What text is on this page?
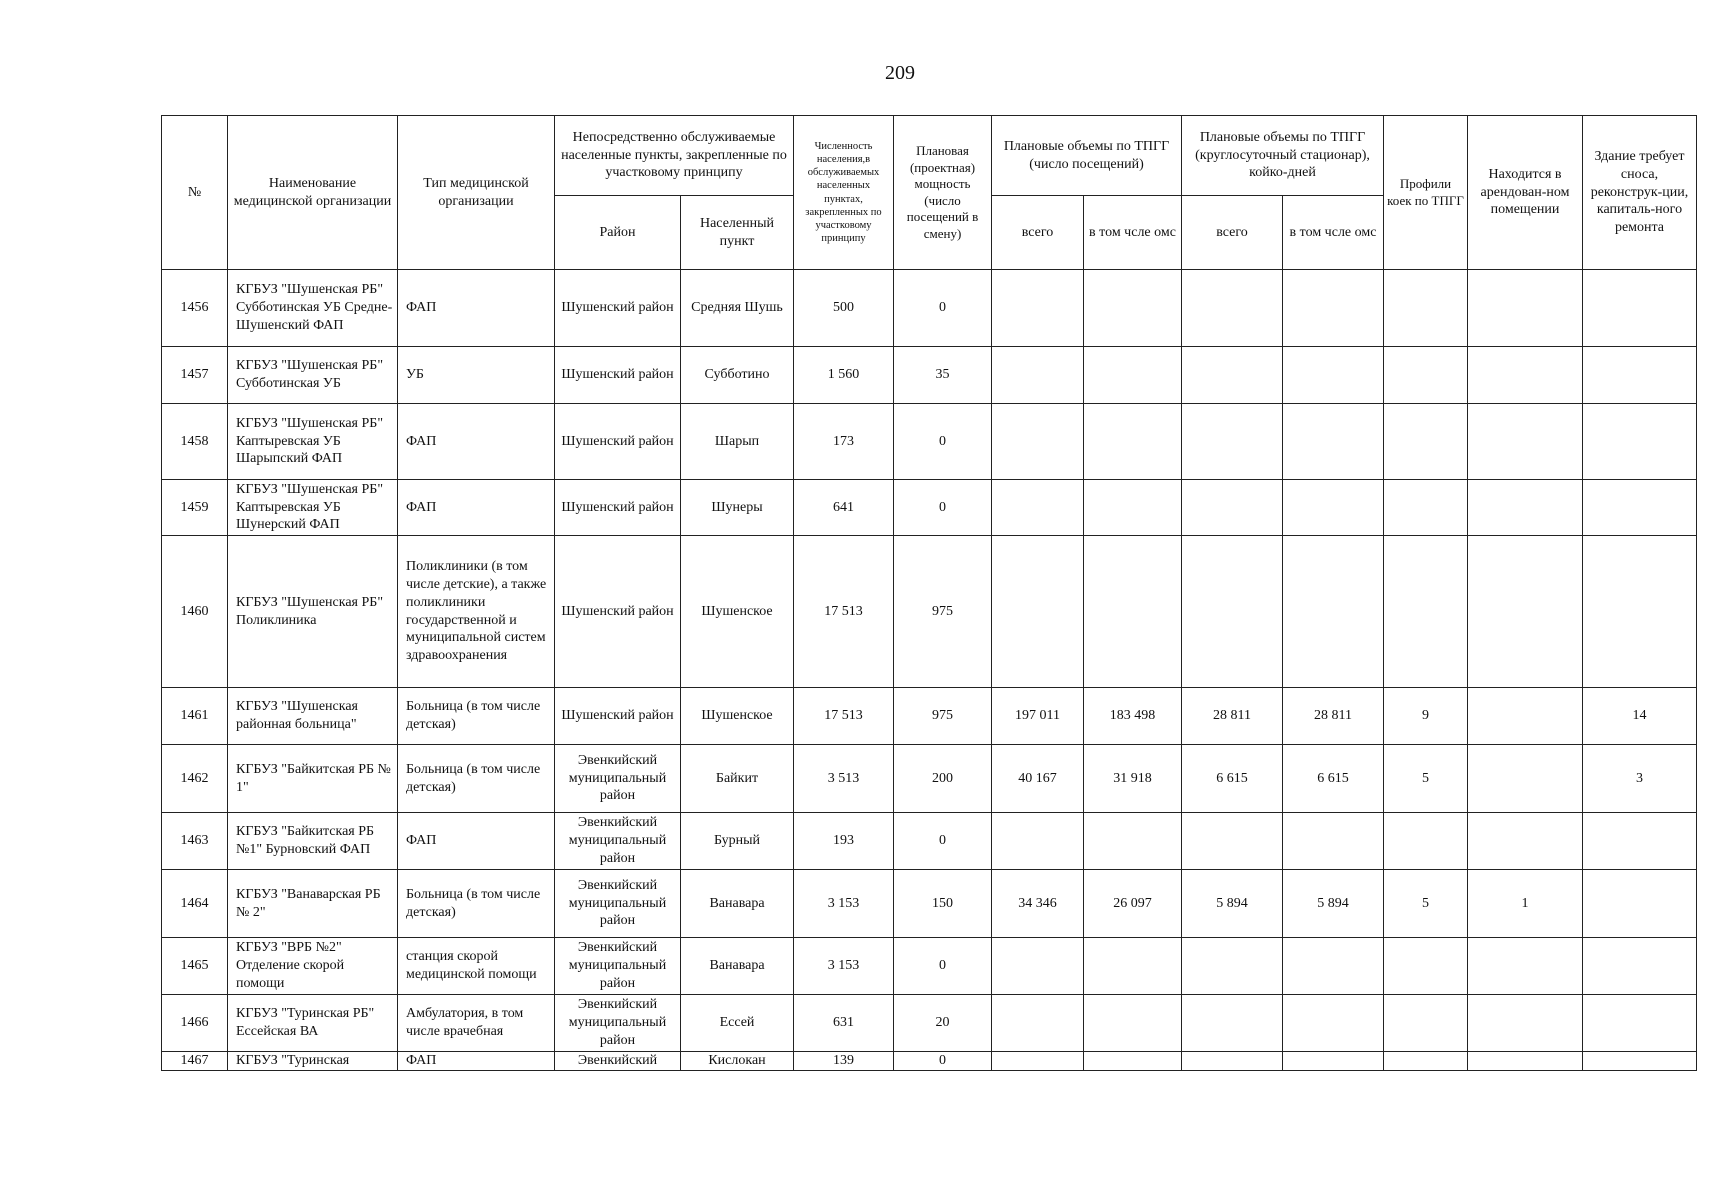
209
№	Наименование медицинской организации	Тип медицинской организации	Непосредственно обслуживаемые населенные пункты, закрепленные по участковому принципу		Численность населения,в обслуживаемых населенных пунктах, закрепленных по участковому принципу	Плановая (проектная) мощность (число посещений в смену)	Плановые объемы по ТПГГ (число посещений)		Плановые объемы по ТПГГ (круглосуточный стационар), койко-дней		Профили коек по ТПГГ	Находится в арендован-ном помещении	Здание требует сноса, реконструк-ции, капиталь-ного ремонта
			Район	Населенный пункт			всего	в том чсле омс	всего	в том чсле омс			
1456	КГБУЗ "Шушенская РБ" Субботинская УБ Средне-Шушенский ФАП	ФАП	Шушенский район	Средняя Шушь	500	0							
1457	КГБУЗ "Шушенская РБ" Субботинская УБ	УБ	Шушенский район	Субботино	1 560	35							
1458	КГБУЗ "Шушенская РБ" Каптыревская УБ Шарыпский ФАП	ФАП	Шушенский район	Шарып	173	0							
1459	КГБУЗ "Шушенская РБ" Каптыревская УБ Шунерский ФАП	ФАП	Шушенский район	Шунеры	641	0							
1460	КГБУЗ "Шушенская РБ" Поликлиника	Поликлиники (в том числе детские), а также поликлиники государственной и муниципальной систем здравоохранения	Шушенский район	Шушенское	17 513	975							
1461	КГБУЗ "Шушенская районная больница"	Больница (в том числе детская)	Шушенский район	Шушенское	17 513	975	197 011	183 498	28 811	28 811	9		14
1462	КГБУЗ "Байкитская РБ № 1"	Больница (в том числе детская)	Эвенкийский муниципальный район	Байкит	3 513	200	40 167	31 918	6 615	6 615	5		3
1463	КГБУЗ "Байкитская РБ №1" Бурновский ФАП	ФАП	Эвенкийский муниципальный район	Бурный	193	0							
1464	КГБУЗ "Ванаварская РБ № 2"	Больница (в том числе детская)	Эвенкийский муниципальный район	Ванавара	3 153	150	34 346	26 097	5 894	5 894	5	1	
1465	КГБУЗ "ВРБ №2" Отделение скорой помощи	станция скорой медицинской помощи	Эвенкийский муниципальный район	Ванавара	3 153	0							
1466	КГБУЗ "Туринская РБ" Ессейская ВА	Амбулатория, в том числе врачебная	Эвенкийский муниципальный район	Ессей	631	20							
1467	КГБУЗ "Туринская	ФАП	Эвенкийский	Кислокан	139	0							
